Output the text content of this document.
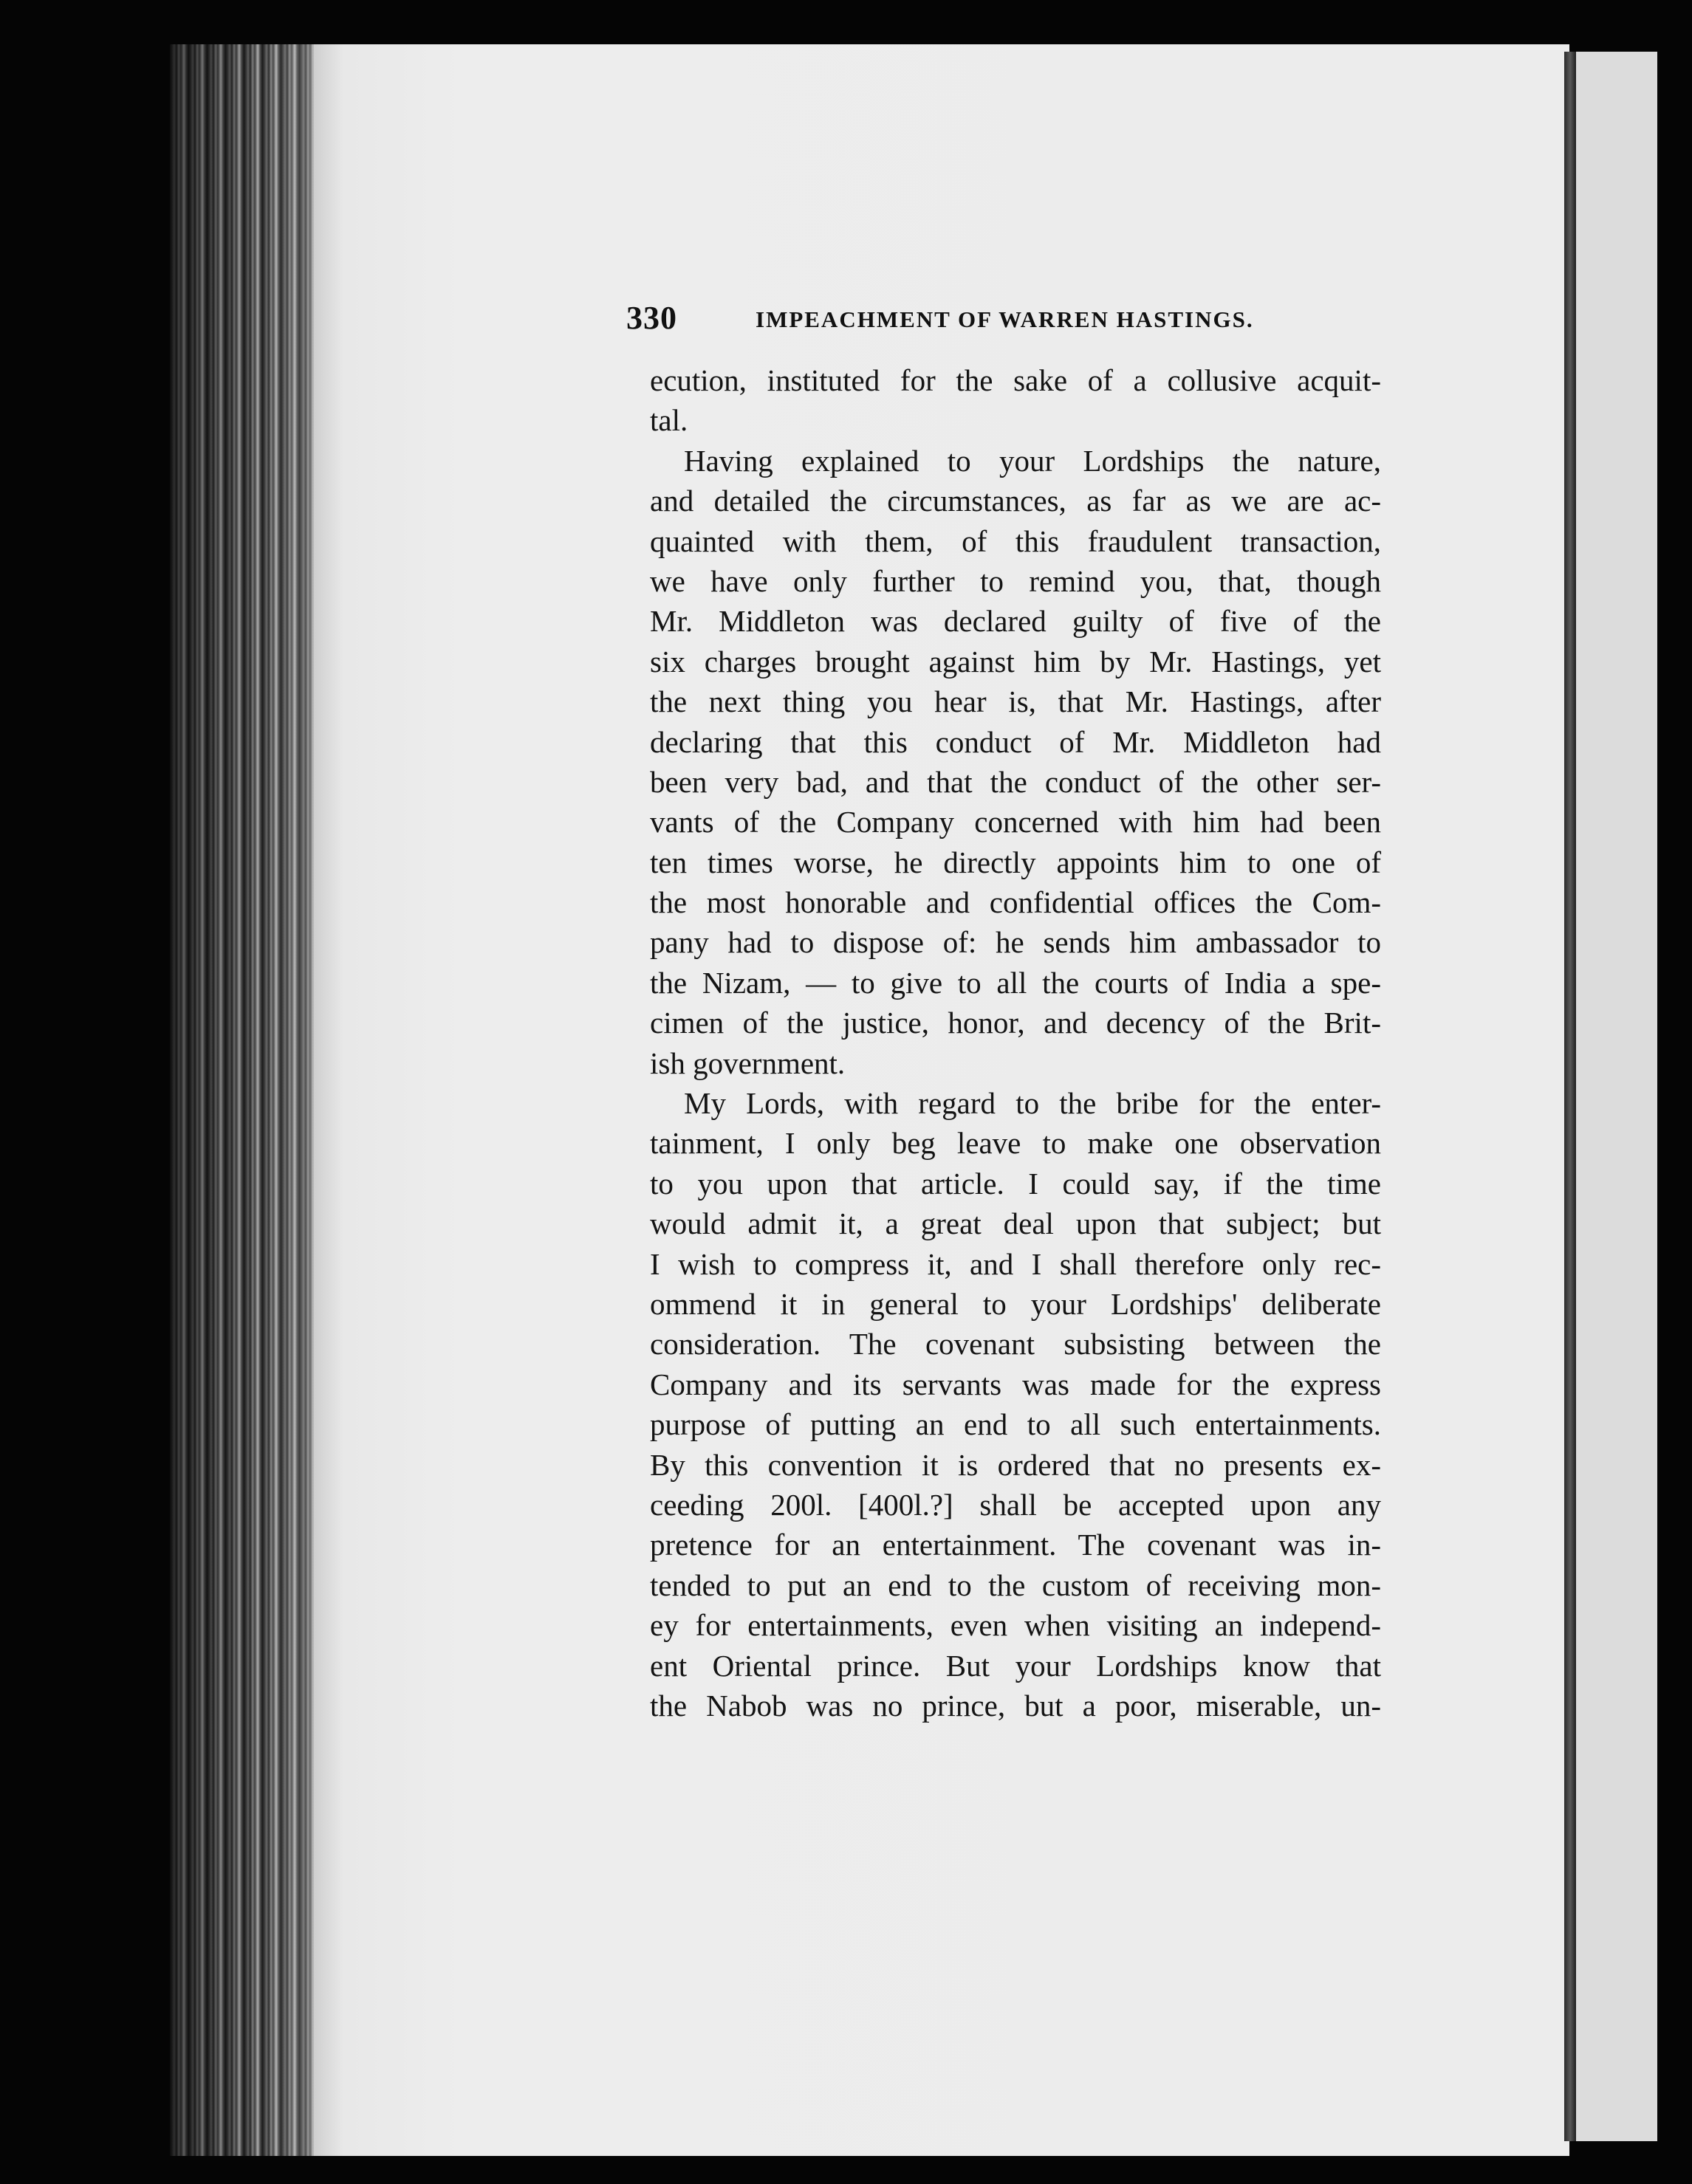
330	IMPEACHMENT OF WARREN HASTINGS.
ecution, instituted for the sake of a collusive acquit-
tal.
Having explained to your Lordships the nature,
and detailed the circumstances, as far as we are ac-
quainted with them, of this fraudulent transaction,
we have only further to remind you, that, though
Mr. Middleton was declared guilty of five of the
six charges brought against him by Mr. Hastings, yet
the next thing you hear is, that Mr. Hastings, after
declaring that this conduct of Mr. Middleton had
been very bad, and that the conduct of the other ser-
vants of the Company concerned with him had been
ten times worse, he directly appoints him to one of
the most honorable and confidential offices the Com-
pany had to dispose of: he sends him ambassador to
the Nizam, — to give to all the courts of India a spe-
cimen of the justice, honor, and decency of the Brit-
ish government.
My Lords, with regard to the bribe for the enter-
tainment, I only beg leave to make one observation
to you upon that article. I could say, if the time
would admit it, a great deal upon that subject; but
I wish to compress it, and I shall therefore only rec-
ommend it in general to your Lordships' deliberate
consideration. The covenant subsisting between the
Company and its servants was made for the express
purpose of putting an end to all such entertainments.
By this convention it is ordered that no presents ex-
ceeding 200l. [400l.?] shall be accepted upon any
pretence for an entertainment. The covenant was in-
tended to put an end to the custom of receiving mon-
ey for entertainments, even when visiting an independ-
ent Oriental prince. But your Lordships know that
the Nabob was no prince, but a poor, miserable, un-
